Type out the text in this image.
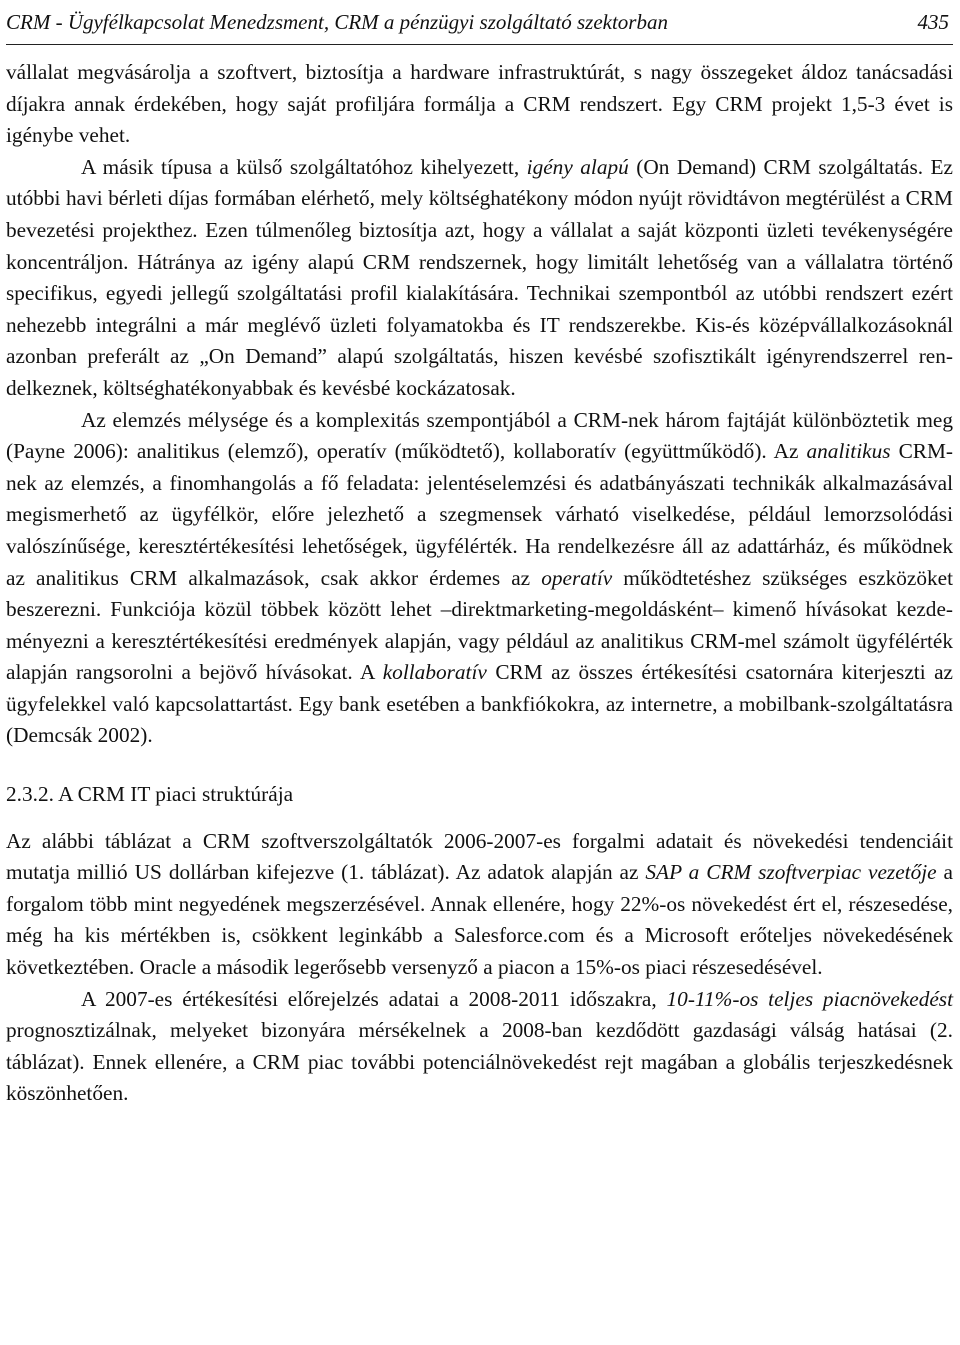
CRM - Ügyfélkapcsolat Menedzsment, CRM a pénzügyi szolgáltató szektorban	435

vállalat megvásárolja a szoftvert, biztosítja a hardware infrastruktúrát, s nagy összegeket áldoz tanácsadási díjakra annak érdekében, hogy saját profiljára formálja a CRM rendszert. Egy CRM projekt 1,5-3 évet is igénybe vehet.

A másik típusa a külső szolgáltatóhoz kihelyezett, igény alapú (On Demand) CRM szolgáltatás. Ez utóbbi havi bérleti díjas formában elérhető, mely költséghatékony módon nyújt rövidtávon megtérülést a CRM bevezetési projekthez. Ezen túlmenőleg biztosítja azt, hogy a vállalat a saját központi üzleti tevékenységére koncentráljon. Hátránya az igény alapú CRM rendszernek, hogy limitált lehetőség van a vállalatra történő specifikus, egyedi jellegű szolgáltatási profil kialakítására. Technikai szempontból az utóbbi rendszert ezért nehezebb integrálni a már meglévő üzleti folyamatokba és IT rendszerekbe. Kis-és középvállalkozásoknál azonban preferált az „On Demand” alapú szolgáltatás, hiszen kevésbé szofisztikált igényrendszerrel rendelkeznek, költséghatékonyabbak és kevésbé kockázatosak.

Az elemzés mélysége és a komplexitás szempontjából a CRM-nek három fajtáját különböztetik meg (Payne 2006): analitikus (elemző), operatív (működtető), kollaboratív (együttműködő). Az analitikus CRM-nek az elemzés, a finomhangolás a fő feladata: jelentéselemzési és adatbányászati technikák alkalmazásával megismerhető az ügyfélkör, előre jelezhető a szegmensek várható viselkedése, például lemorzsolódási valószínűsége, keresztértékesítési lehetőségek, ügyfélérték. Ha rendelkezésre áll az adattárház, és működnek az analitikus CRM alkalmazások, csak akkor érdemes az operatív működtetéshez szükséges eszközöket beszerezni. Funkciója közül többek között lehet –direktmarketing-megoldásként– kimenő hívásokat kezdeményezni a keresztértékesítési eredmények alapján, vagy például az analitikus CRM-mel számolt ügyfélérték alapján rangsorolni a bejövő hívásokat. A kollaboratív CRM az összes értékesítési csatornára kiterjeszti az ügyfelekkel való kapcsolattartást. Egy bank esetében a bankfiókokra, az internetre, a mobilbank-szolgáltatásra (Demcsák 2002).

2.3.2. A CRM IT piaci struktúrája

Az alábbi táblázat a CRM szoftverszolgáltatók 2006-2007-es forgalmi adatait és növekedési tendenciáit mutatja millió US dollárban kifejezve (1. táblázat). Az adatok alapján az SAP a CRM szoftverpiac vezetője a forgalom több mint negyedének megszerzésével. Annak ellenére, hogy 22%-os növekedést ért el, részesedése, még ha kis mértékben is, csökkent leginkább a Salesforce.com és a Microsoft erőteljes növekedésének következtében. Oracle a második legerősebb versenyző a piacon a 15%-os piaci részesedésével.

A 2007-es értékesítési előrejelzés adatai a 2008-2011 időszakra, 10-11%-os teljes piacnövekedést prognosztizálnak, melyeket bizonyára mérsékelnek a 2008-ban kezdődött gazdasági válság hatásai (2. táblázat). Ennek ellenére, a CRM piac további potenciálnövekedést rejt magában a globális terjeszkedésnek köszönhetően.
